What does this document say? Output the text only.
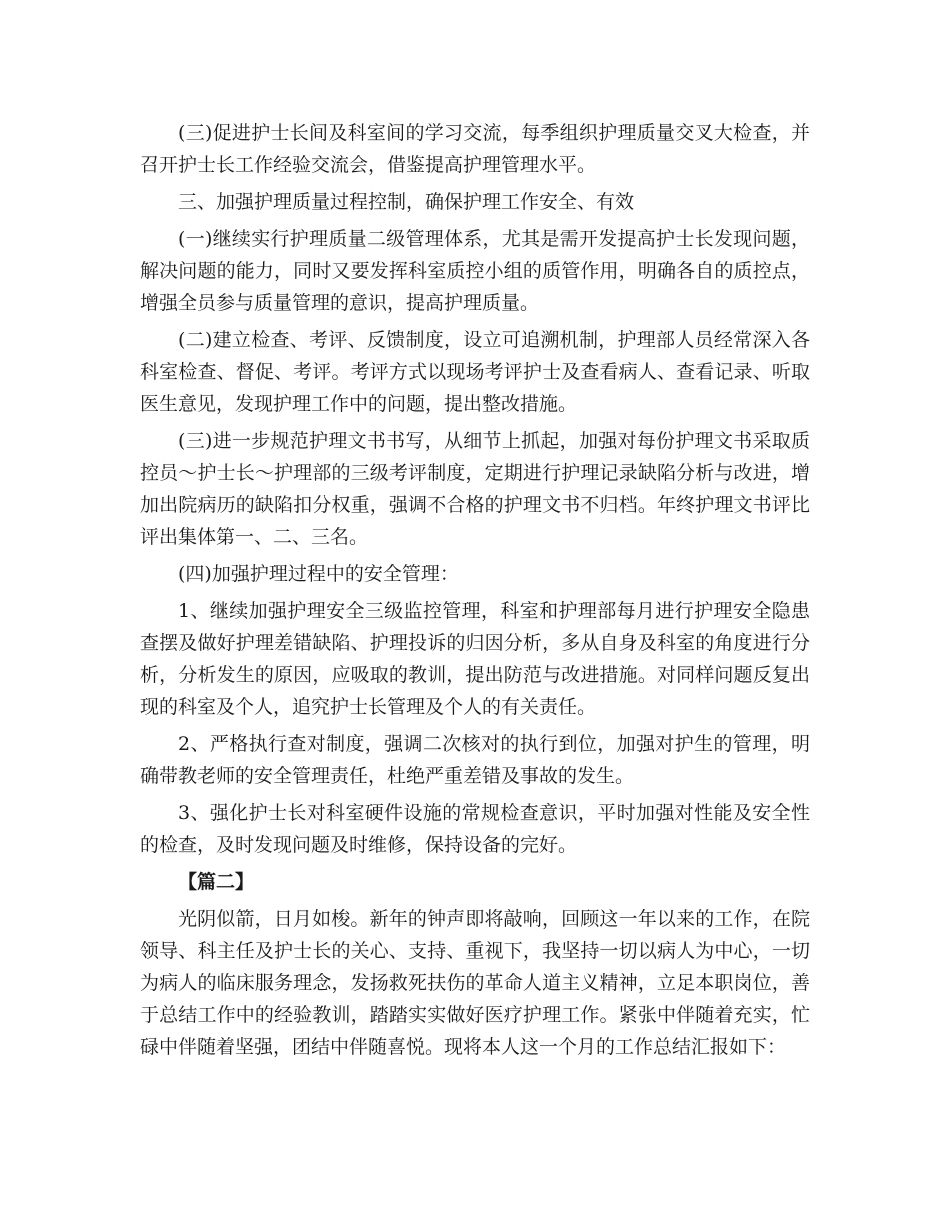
(三)促进护士长间及科室间的学习交流，每季组织护理质量交叉大检查，并召开护士长工作经验交流会，借鉴提高护理管理水平。

三、加强护理质量过程控制，确保护理工作安全、有效

(一)继续实行护理质量二级管理体系，尤其是需开发提高护士长发现问题，解决问题的能力，同时又要发挥科室质控小组的质管作用，明确各自的质控点，增强全员参与质量管理的意识，提高护理质量。

(二)建立检查、考评、反馈制度，设立可追溯机制，护理部人员经常深入各科室检查、督促、考评。考评方式以现场考评护士及查看病人、查看记录、听取医生意见，发现护理工作中的问题，提出整改措施。

(三)进一步规范护理文书书写，从细节上抓起，加强对每份护理文书采取质控员～护士长～护理部的三级考评制度，定期进行护理记录缺陷分析与改进，增加出院病历的缺陷扣分权重，强调不合格的护理文书不归档。年终护理文书评比评出集体第一、二、三名。

(四)加强护理过程中的安全管理：

1、继续加强护理安全三级监控管理，科室和护理部每月进行护理安全隐患查摆及做好护理差错缺陷、护理投诉的归因分析，多从自身及科室的角度进行分析，分析发生的原因，应吸取的教训，提出防范与改进措施。对同样问题反复出现的科室及个人，追究护士长管理及个人的有关责任。

2、严格执行查对制度，强调二次核对的执行到位，加强对护生的管理，明确带教老师的安全管理责任，杜绝严重差错及事故的发生。

3、强化护士长对科室硬件设施的常规检查意识，平时加强对性能及安全性的检查，及时发现问题及时维修，保持设备的完好。

【篇二】

光阴似箭，日月如梭。新年的钟声即将敲响，回顾这一年以来的工作，在院领导、科主任及护士长的关心、支持、重视下，我坚持一切以病人为中心，一切为病人的临床服务理念，发扬救死扶伤的革命人道主义精神，立足本职岗位，善于总结工作中的经验教训，踏踏实实做好医疗护理工作。紧张中伴随着充实，忙碌中伴随着坚强，团结中伴随喜悦。现将本人这一个月的工作总结汇报如下：
